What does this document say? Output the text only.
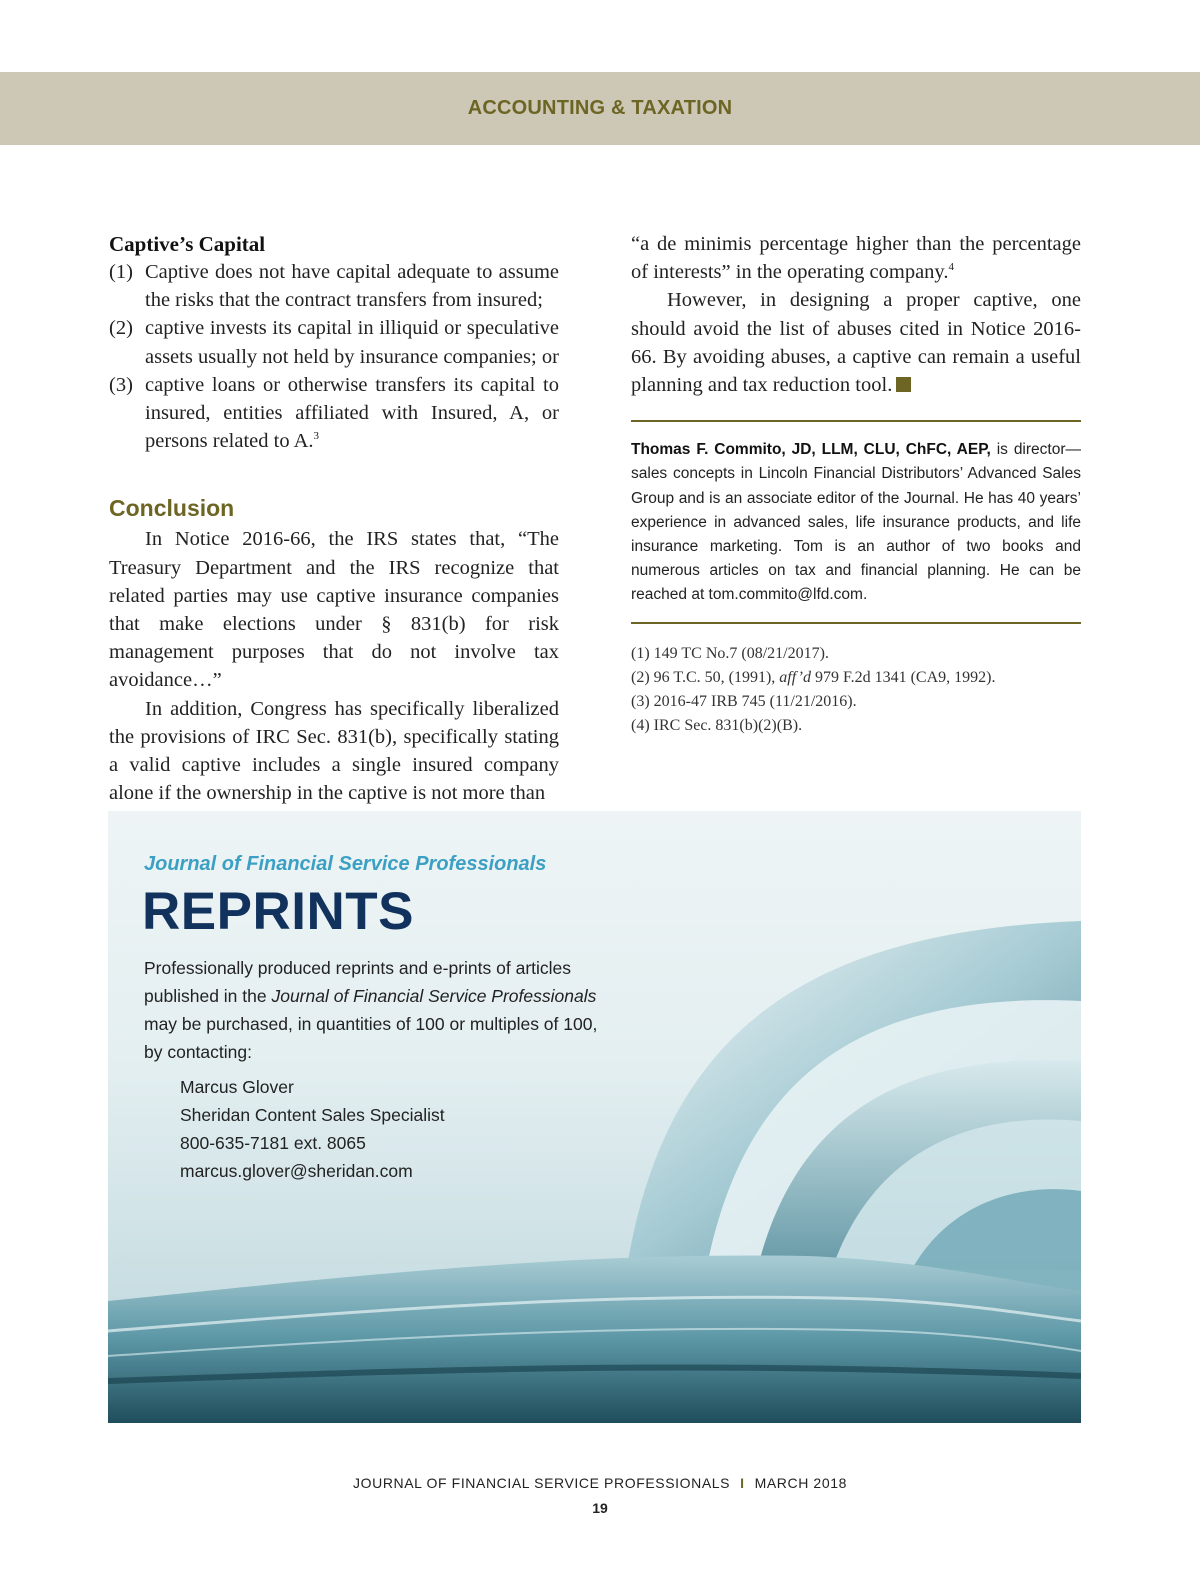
ACCOUNTING & TAXATION

Captive’s Capital

(1) Captive does not have capital adequate to assume the risks that the contract transfers from insured;
(2) captive invests its capital in illiquid or speculative assets usually not held by insurance companies; or
(3) captive loans or otherwise transfers its capital to insured, entities affiliated with Insured, A, or persons related to A.$^3$
Conclusion

In Notice 2016-66, the IRS states that, “The Treasury Department and the IRS recognize that related parties may use captive insurance companies that make elections under § 831(b) for risk management purposes that do not involve tax avoidance…”

In addition, Congress has specifically liberalized the provisions of IRC Sec. 831(b), specifically stating a valid captive includes a single insured company alone if the ownership in the captive is not more than

“a de minimis percentage higher than the percentage of interests” in the operating company.$^4$

However, in designing a proper captive, one should avoid the list of abuses cited in Notice 2016-66. By avoiding abuses, a captive can remain a useful planning and tax reduction tool.

Thomas F. Commito, JD, LLM, CLU, ChFC, AEP, is director—sales concepts in Lincoln Financial Distributors’ Advanced Sales Group and is an associate editor of the Journal. He has 40 years’ experience in advanced sales, life insurance products, and life insurance marketing. Tom is an author of two books and numerous articles on tax and financial planning. He can be reached at tom.commito@lfd.com.

(1) 149 TC No.7 (08/21/2017).
(2) 96 T.C. 50, (1991), aff’d 979 F.2d 1341 (CA9, 1992).
(3) 2016-47 IRB 745 (11/21/2016).
(4) IRC Sec. 831(b)(2)(B).
Journal of Financial Service Professionals
REPRINTS
Professionally produced reprints and e-prints of articles published in the Journal of Financial Service Professionals may be purchased, in quantities of 100 or multiples of 100, by contacting:
Marcus Glover
Sheridan Content Sales Specialist
800-635-7181 ext. 8065
marcus.glover@sheridan.com
JOURNAL OF FINANCIAL SERVICE PROFESSIONALS I MARCH 2018
19
